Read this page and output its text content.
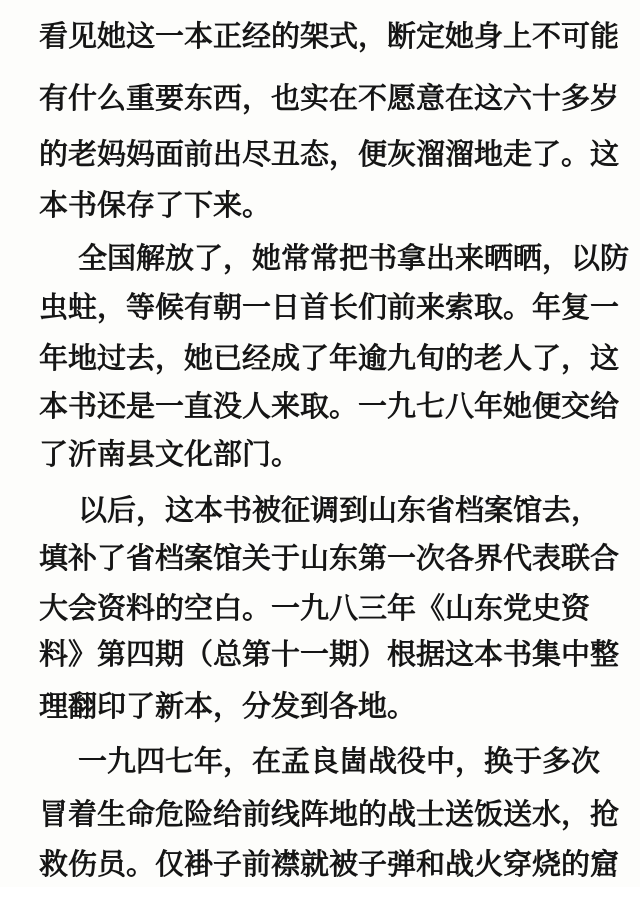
看见她这一本正经的架式，断定她身上不可能
有什么重要东西，也实在不愿意在这六十多岁
的老妈妈面前出尽丑态，便灰溜溜地走了。这
本书保存了下来。
全国解放了，她常常把书拿出来晒晒，以防
虫蛀，等候有朝一日首长们前来索取。年复一
年地过去，她已经成了年逾九旬的老人了，这
本书还是一直没人来取。一九七八年她便交给
了沂南县文化部门。
以后，这本书被征调到山东省档案馆去，
填补了省档案馆关于山东第一次各界代表联合
大会资料的空白。一九八三年《山东党史资
料》第四期（总第十一期）根据这本书集中整
理翻印了新本，分发到各地。
一九四七年，在孟良崮战役中，换于多次
冒着生命危险给前线阵地的战士送饭送水，抢
救伤员。仅褂子前襟就被子弹和战火穿烧的窟
